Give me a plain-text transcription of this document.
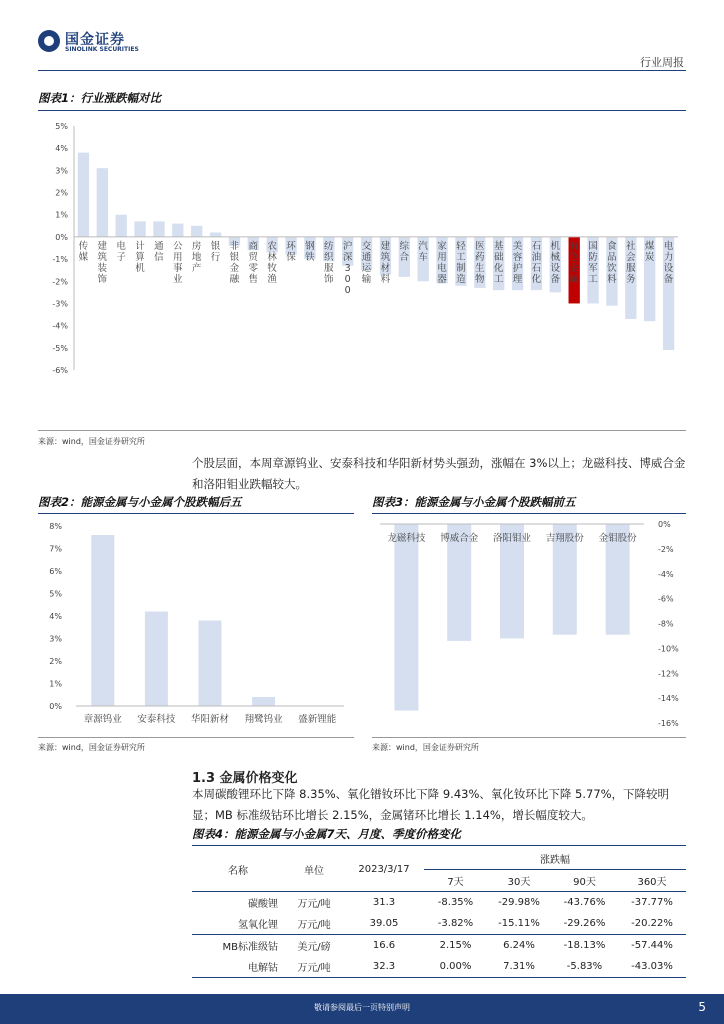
国金证券
SINOLINK SECURITIES
行业周报
图表1：行业涨跌幅对比
5%
4%
3%
2%
1%
0%
-1%
-2%
-3%
-4%
-5%
-6%
传媒
建筑装饰
电子
计算机
通信
公用事业
房地产
银行
非银金融
商贸零售
农林牧渔
环保
钢铁
纺织服饰
沪深 3 0 0
交通运输
建筑材料
综合
汽车
家用电器
轻工制造
医药生物
基础化工
美容护理
石油石化
机械设备
有色金属
国防军工
食品饮料
社会服务
煤炭
电力设备
来源：wind，国金证券研究所
个股层面，本周章源钨业、安泰科技和华阳新材势头强劲，涨幅在 3%以上；龙磁科技、博威合金和洛阳钼业跌幅较大。
图表2：能源金属与小金属个股跌幅后五
8%
7%
6%
5%
4%
3%
2%
1%
0%
章源钨业 安泰科技 华阳新材 翔鹭钨业 盛新锂能
来源：wind，国金证券研究所
图表3：能源金属与小金属个股跌幅前五
0%
-2%
-4%
-6%
-8%
-10%
-12%
-14%
-16%
龙磁科技 博威合金 洛阳钼业 吉翔股份 金钼股份
来源：wind，国金证券研究所
1.3 金属价格变化
本周碳酸锂环比下降 8.35%、氧化镨钕环比下降 9.43%、氧化钕环比下降 5.77%，下降较明显；MB 标准级钴环比增长 2.15%，金属锗环比增长 1.14%，增长幅度较大。
图表4：能源金属与小金属7天、月度、季度价格变化
名称	单位	2023/3/17	涨跌幅			
			7天	30天	90天	360天
碳酸锂	万元/吨	31.3	-8.35%	-29.98%	-43.76%	-37.77%
氢氧化锂	万元/吨	39.05	-3.82%	-15.11%	-29.26%	-20.22%
MB标准级钴	美元/磅	16.6	2.15%	6.24%	-18.13%	-57.44%
电解钴	万元/吨	32.3	0.00%	7.31%	-5.83%	-43.03%
敬请参阅最后一页特别声明	5
